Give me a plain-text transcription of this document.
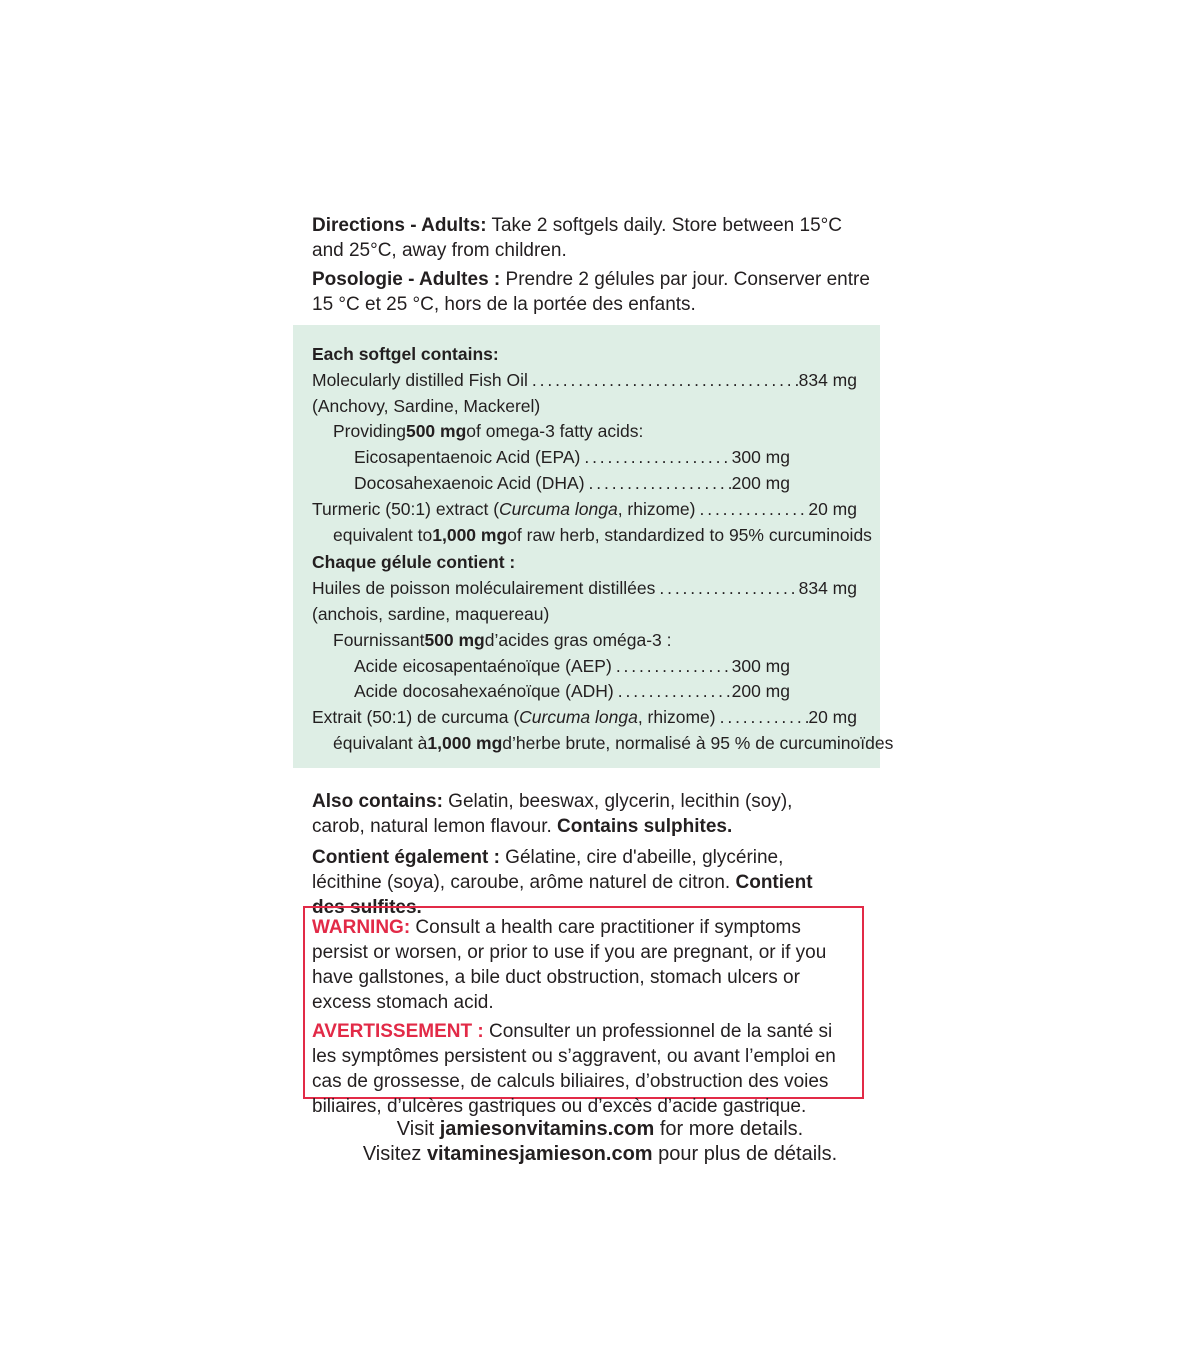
Directions - Adults: Take 2 softgels daily. Store between 15°C and 25°C, away from children.

Posologie - Adultes : Prendre 2 gélules par jour. Conserver entre 15 °C et 25 °C, hors de la portée des enfants.

Each softgel contains:
Molecularly distilled Fish Oil . . .	834 mg
(Anchovy, Sardine, Mackerel)
Providing 500 mg of omega-3 fatty acids:
Eicosapentaenoic Acid (EPA) . . .	300 mg
Docosahexaenoic Acid (DHA) . . .	200 mg
Turmeric (50:1) extract (Curcuma longa, rhizome) . . .	20 mg
equivalent to 1,000 mg of raw herb, standardized to 95% curcuminoids
Chaque gélule contient :
Huiles de poisson moléculairement distillées . . .	834 mg
(anchois, sardine, maquereau)
Fournissant 500 mg d’acides gras oméga-3 :
Acide eicosapentaénoïque (AEP) . . .	300 mg
Acide docosahexaénoïque (ADH) . . .	200 mg
Extrait (50:1) de curcuma (Curcuma longa, rhizome) . . .	20 mg
équivalant à 1,000 mg d’herbe brute, normalisé à 95 % de curcuminoïdes

Also contains: Gelatin, beeswax, glycerin, lecithin (soy), carob, natural lemon flavour. Contains sulphites.

Contient également : Gélatine, cire d'abeille, glycérine, lécithine (soya), caroube, arôme naturel de citron. Contient des sulfites.

WARNING: Consult a health care practitioner if symptoms persist or worsen, or prior to use if you are pregnant, or if you have gallstones, a bile duct obstruction, stomach ulcers or excess stomach acid.

AVERTISSEMENT : Consulter un professionnel de la santé si les symptômes persistent ou s’aggravent, ou avant l’emploi en cas de grossesse, de calculs biliaires, d’obstruction des voies biliaires, d’ulcères gastriques ou d’excès d’acide gastrique.

Visit jamiesonvitamins.com for more details.

Visitez vitaminesjamieson.com pour plus de détails.
